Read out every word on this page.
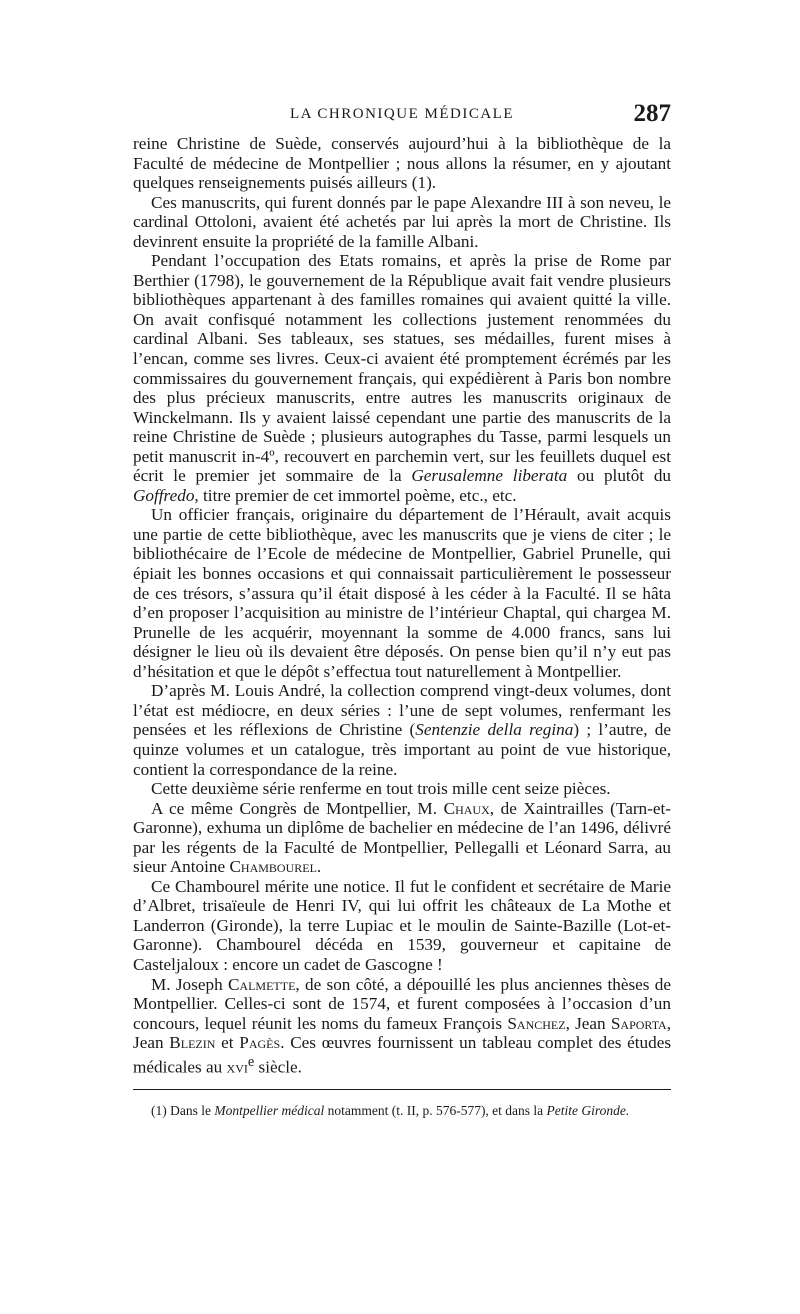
LA CHRONIQUE MÉDICALE	287

reine Christine de Suède, conservés aujourd’hui à la bibliothèque de la Faculté de médecine de Montpellier ; nous allons la résumer, en y ajoutant quelques renseignements puisés ailleurs (1).

Ces manuscrits, qui furent donnés par le pape Alexandre III à son neveu, le cardinal Ottoloni, avaient été achetés par lui après la mort de Christine. Ils devinrent ensuite la propriété de la famille Albani.

Pendant l’occupation des Etats romains, et après la prise de Rome par Berthier (1798), le gouvernement de la République avait fait vendre plusieurs bibliothèques appartenant à des familles romaines qui avaient quitté la ville. On avait confisqué notamment les collections justement renommées du cardinal Albani. Ses tableaux, ses statues, ses médailles, furent mises à l’encan, comme ses livres. Ceux-ci avaient été promptement écrémés par les commissaires du gouvernement français, qui expédièrent à Paris bon nombre des plus précieux manuscrits, entre autres les manuscrits originaux de Winckelmann. Ils y avaient laissé cependant une partie des manuscrits de la reine Christine de Suède ; plusieurs autographes du Tasse, parmi lesquels un petit manuscrit in-4º, recouvert en parchemin vert, sur les feuillets duquel est écrit le premier jet sommaire de la Gerusalemne liberata ou plutôt du Goffredo, titre premier de cet immortel poème, etc., etc.

Un officier français, originaire du département de l’Hérault, avait acquis une partie de cette bibliothèque, avec les manuscrits que je viens de citer ; le bibliothécaire de l’Ecole de médecine de Montpellier, Gabriel Prunelle, qui épiait les bonnes occasions et qui connaissait particulièrement le possesseur de ces trésors, s’assura qu’il était disposé à les céder à la Faculté. Il se hâta d’en proposer l’acquisition au ministre de l’intérieur Chaptal, qui chargea M. Prunelle de les acquérir, moyennant la somme de 4.000 francs, sans lui désigner le lieu où ils devaient être déposés. On pense bien qu’il n’y eut pas d’hésitation et que le dépôt s’effectua tout naturellement à Montpellier.

D’après M. Louis André, la collection comprend vingt-deux volumes, dont l’état est médiocre, en deux séries : l’une de sept volumes, renfermant les pensées et les réflexions de Christine (Sentenzie della regina) ; l’autre, de quinze volumes et un catalogue, très important au point de vue historique, contient la correspondance de la reine.

Cette deuxième série renferme en tout trois mille cent seize pièces.

A ce même Congrès de Montpellier, M. Chaux, de Xaintrailles (Tarn-et-Garonne), exhuma un diplôme de bachelier en médecine de l’an 1496, délivré par les régents de la Faculté de Montpellier, Pellegalli et Léonard Sarra, au sieur Antoine Chambourel.

Ce Chambourel mérite une notice. Il fut le confident et secrétaire de Marie d’Albret, trisaïeule de Henri IV, qui lui offrit les châteaux de La Mothe et Landerron (Gironde), la terre Lupiac et le moulin de Sainte-Bazille (Lot-et-Garonne). Chambourel décéda en 1539, gouverneur et capitaine de Casteljaloux : encore un cadet de Gascogne !

M. Joseph Calmette, de son côté, a dépouillé les plus anciennes thèses de Montpellier. Celles-ci sont de 1574, et furent composées à l’occasion d’un concours, lequel réunit les noms du fameux François Sanchez, Jean Saporta, Jean Blezin et Pagès. Ces œuvres fournissent un tableau complet des études médicales au xvi$^e$ siècle.

(1) Dans le Montpellier médical notamment (t. II, p. 576-577), et dans la Petite Gironde.
